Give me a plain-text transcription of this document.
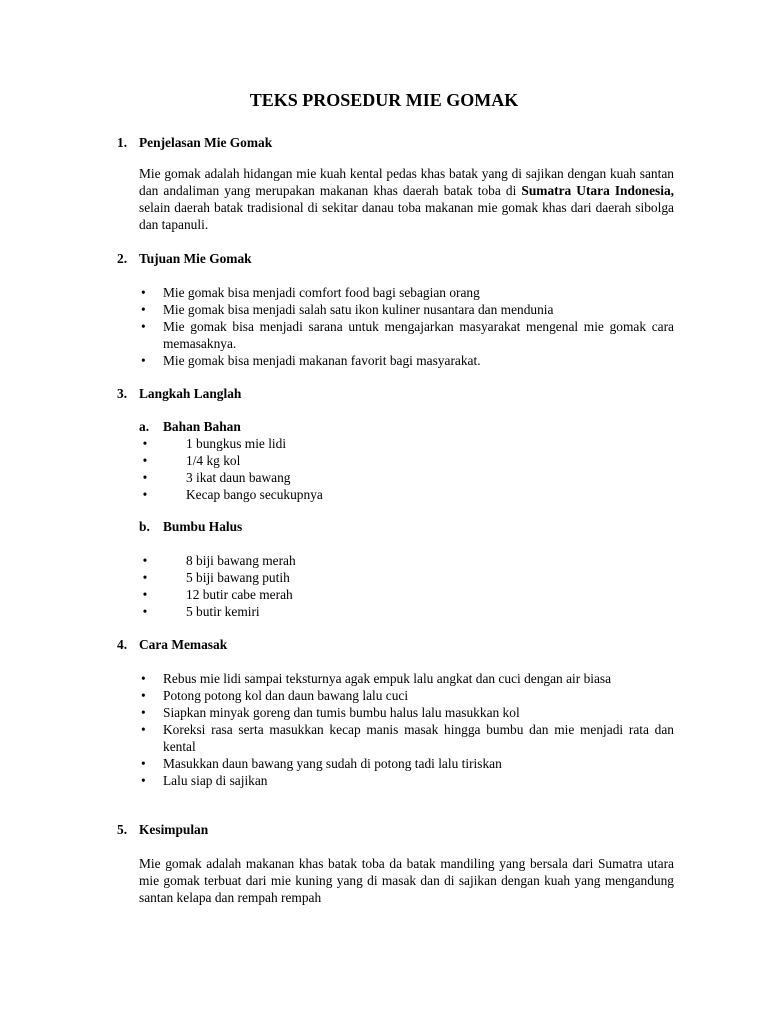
TEKS PROSEDUR MIE GOMAK
1. Penjelasan Mie Gomak
Mie gomak adalah hidangan mie kuah kental pedas khas batak yang di sajikan dengan kuah santan dan andaliman yang merupakan makanan khas daerah batak toba di Sumatra Utara Indonesia, selain daerah batak tradisional di sekitar danau toba makanan mie gomak khas dari daerah sibolga dan tapanuli.
2. Tujuan Mie Gomak
•	Mie gomak bisa menjadi comfort food bagi sebagian orang
•	Mie gomak bisa menjadi salah satu ikon kuliner nusantara dan mendunia
•	Mie gomak bisa menjadi sarana untuk mengajarkan masyarakat mengenal mie gomak cara memasaknya.
•	Mie gomak bisa menjadi makanan favorit bagi masyarakat.
3. Langkah Langlah
a. Bahan Bahan
•	1 bungkus mie lidi
•	1/4 kg kol
•	3 ikat daun bawang
•	Kecap bango secukupnya
b. Bumbu Halus
•	8 biji bawang merah
•	5 biji bawang putih
•	12 butir cabe merah
•	5 butir kemiri
4. Cara Memasak
•	Rebus mie lidi sampai teksturnya agak empuk lalu angkat dan cuci dengan air biasa
•	Potong potong kol dan daun bawang lalu cuci
•	Siapkan minyak goreng dan tumis bumbu halus lalu masukkan kol
•	Koreksi rasa serta masukkan kecap manis masak hingga bumbu dan mie menjadi rata dan kental
•	Masukkan daun bawang yang sudah di potong tadi lalu tiriskan
•	Lalu siap di sajikan
5. Kesimpulan
Mie gomak adalah makanan khas batak toba da batak mandiling yang bersala dari Sumatra utara mie gomak terbuat dari mie kuning yang di masak dan di sajikan dengan kuah yang mengandung santan kelapa dan rempah rempah
